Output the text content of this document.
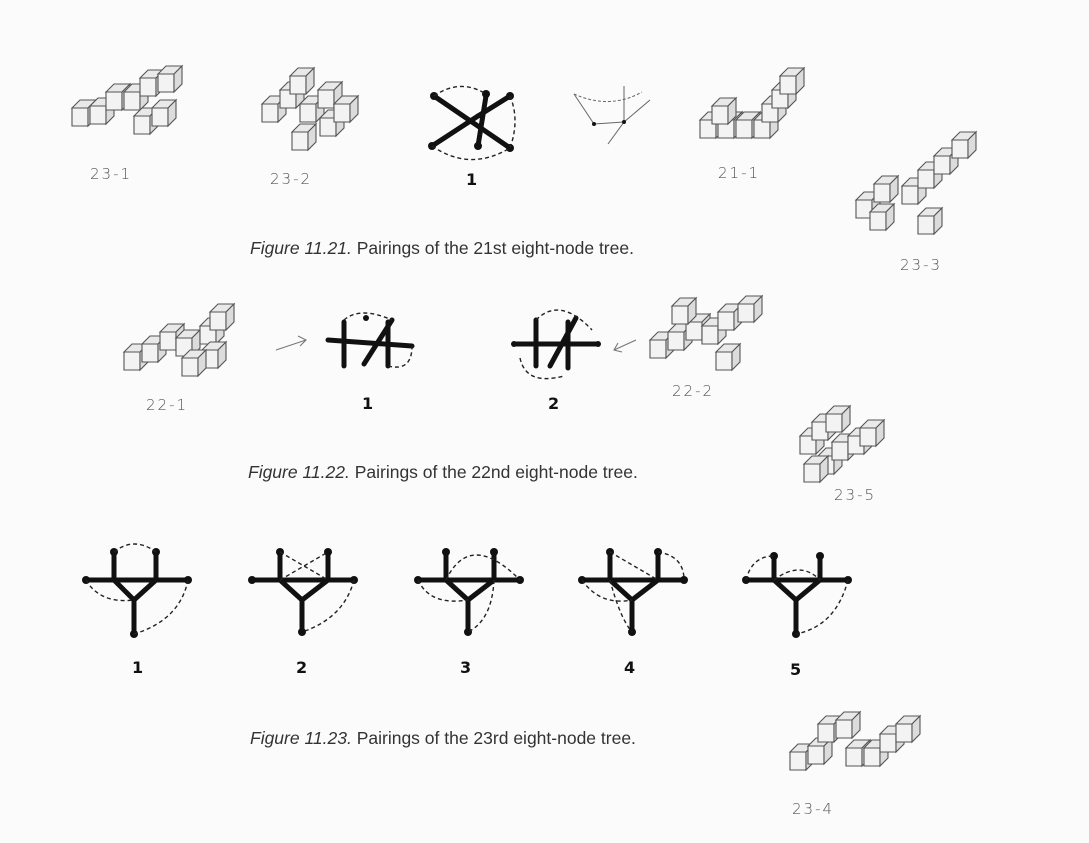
23-1	23-2	21-1
23-3
22-1
22-2
23-5
23-4
1
1	2
1	2	3	4	5
Figure 11.21. Pairings of the 21st eight-node tree.
Figure 11.22. Pairings of the 22nd eight-node tree.
Figure 11.23. Pairings of the 23rd eight-node tree.
